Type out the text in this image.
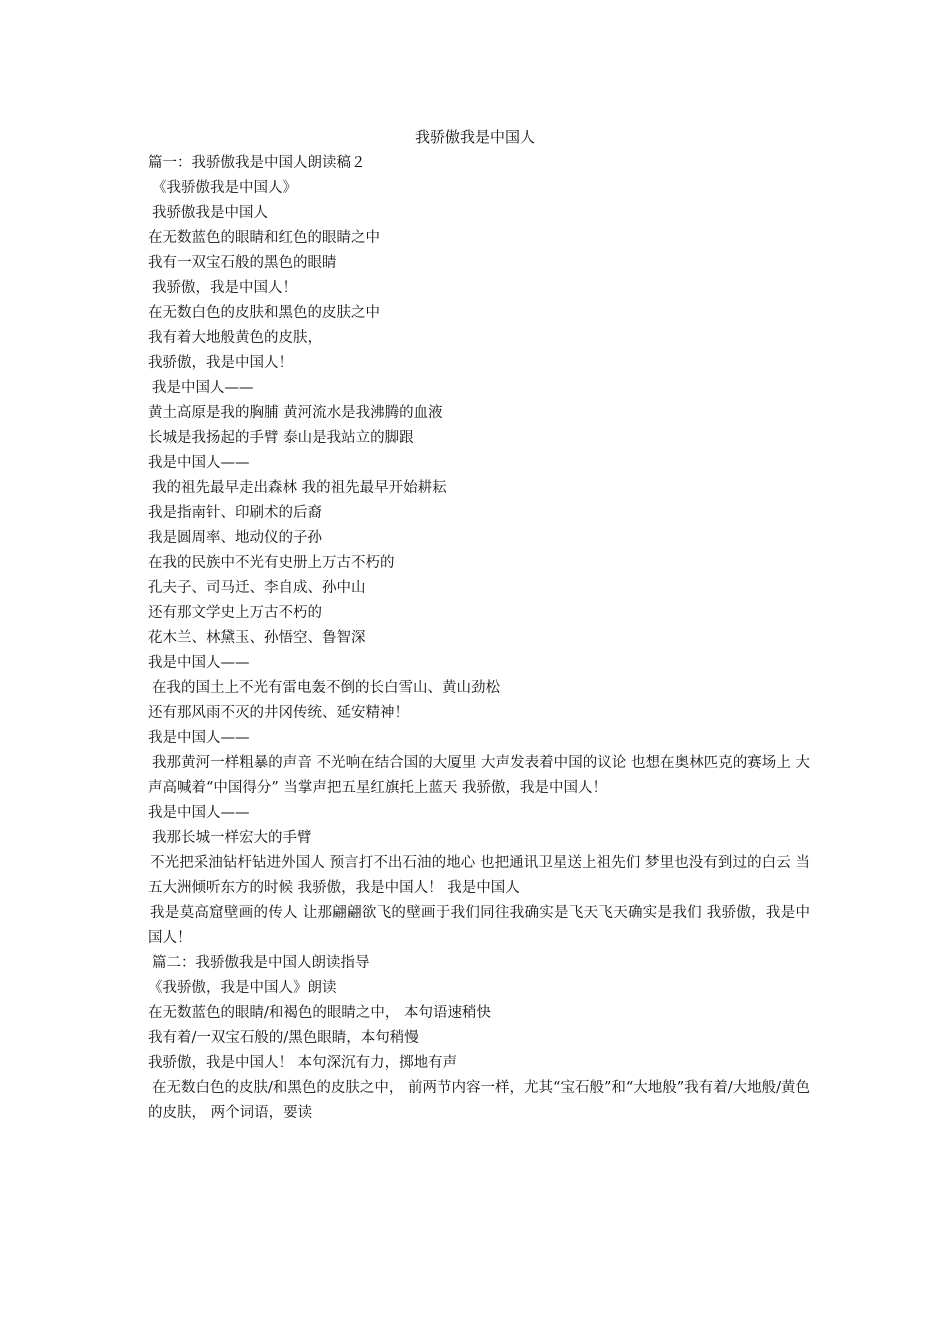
我骄傲我是中国人
篇一：我骄傲我是中国人朗读稿２
《我骄傲我是中国人》
我骄傲我是中国人
在无数蓝色的眼睛和红色的眼睛之中
我有一双宝石般的黑色的眼睛
我骄傲，我是中国人！
在无数白色的皮肤和黑色的皮肤之中
我有着大地般黄色的皮肤，
我骄傲，我是中国人！
我是中国人——
黄土高原是我的胸脯 黄河流水是我沸腾的血液
长城是我扬起的手臂 泰山是我站立的脚跟
我是中国人——
我的祖先最早走出森林 我的祖先最早开始耕耘
我是指南针、印刷术的后裔
我是圆周率、地动仪的子孙
在我的民族中不光有史册上万古不朽的
孔夫子、司马迁、李自成、孙中山
还有那文学史上万古不朽的
花木兰、林黛玉、孙悟空、鲁智深
我是中国人——
在我的国土上不光有雷电轰不倒的长白雪山、黄山劲松
还有那风雨不灭的井冈传统、延安精神！
我是中国人——
我那黄河一样粗暴的声音 不光响在结合国的大厦里 大声发表着中国的议论 也想在奥林匹克的赛场上 大声高喊着“中国得分” 当掌声把五星红旗托上蓝天 我骄傲，我是中国人！
我是中国人——
我那长城一样宏大的手臂
不光把采油钻杆钻进外国人 预言打不出石油的地心 也把通讯卫星送上祖先们 梦里也没有到过的白云 当五大洲倾听东方的时候 我骄傲，我是中国人！ 我是中国人
我是莫高窟壁画的传人 让那翩翩欲飞的壁画于我们同往我确实是飞天飞天确实是我们 我骄傲，我是中国人！
篇二：我骄傲我是中国人朗读指导
《我骄傲，我是中国人》朗读
在无数蓝色的眼睛/和褐色的眼睛之中， 本句语速稍快
我有着/一双宝石般的/黑色眼睛，本句稍慢
我骄傲，我是中国人！ 本句深沉有力，掷地有声
在无数白色的皮肤/和黑色的皮肤之中， 前两节内容一样，尤其“宝石般”和“大地般”我有着/大地般/黄色的皮肤， 两个词语，要读
